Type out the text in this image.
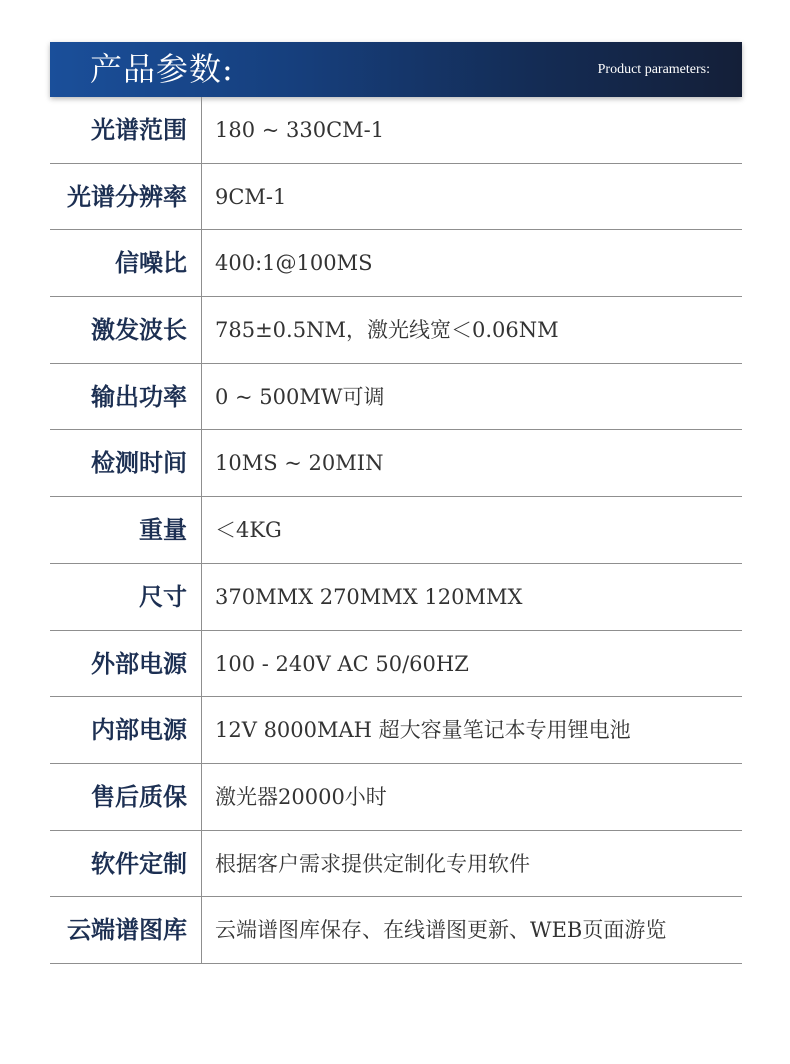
产品参数:	Product parameters:
光谱范围 180 ~ 330CM-1
光谱分辨率 9CM-1
信噪比 400:1@100MS
激发波长 785±0.5NM，激光线宽＜0.06NM
输出功率 0 ~ 500MW可调
检测时间 10MS ~ 20MIN
重量 ＜4KG
尺寸 370MMX 270MMX 120MMX
外部电源 100 - 240V AC 50/60HZ
内部电源 12V 8000MAH 超大容量笔记本专用锂电池
售后质保 激光器20000小时
软件定制 根据客户需求提供定制化专用软件
云端谱图库 云端谱图库保存、在线谱图更新、WEB页面游览
